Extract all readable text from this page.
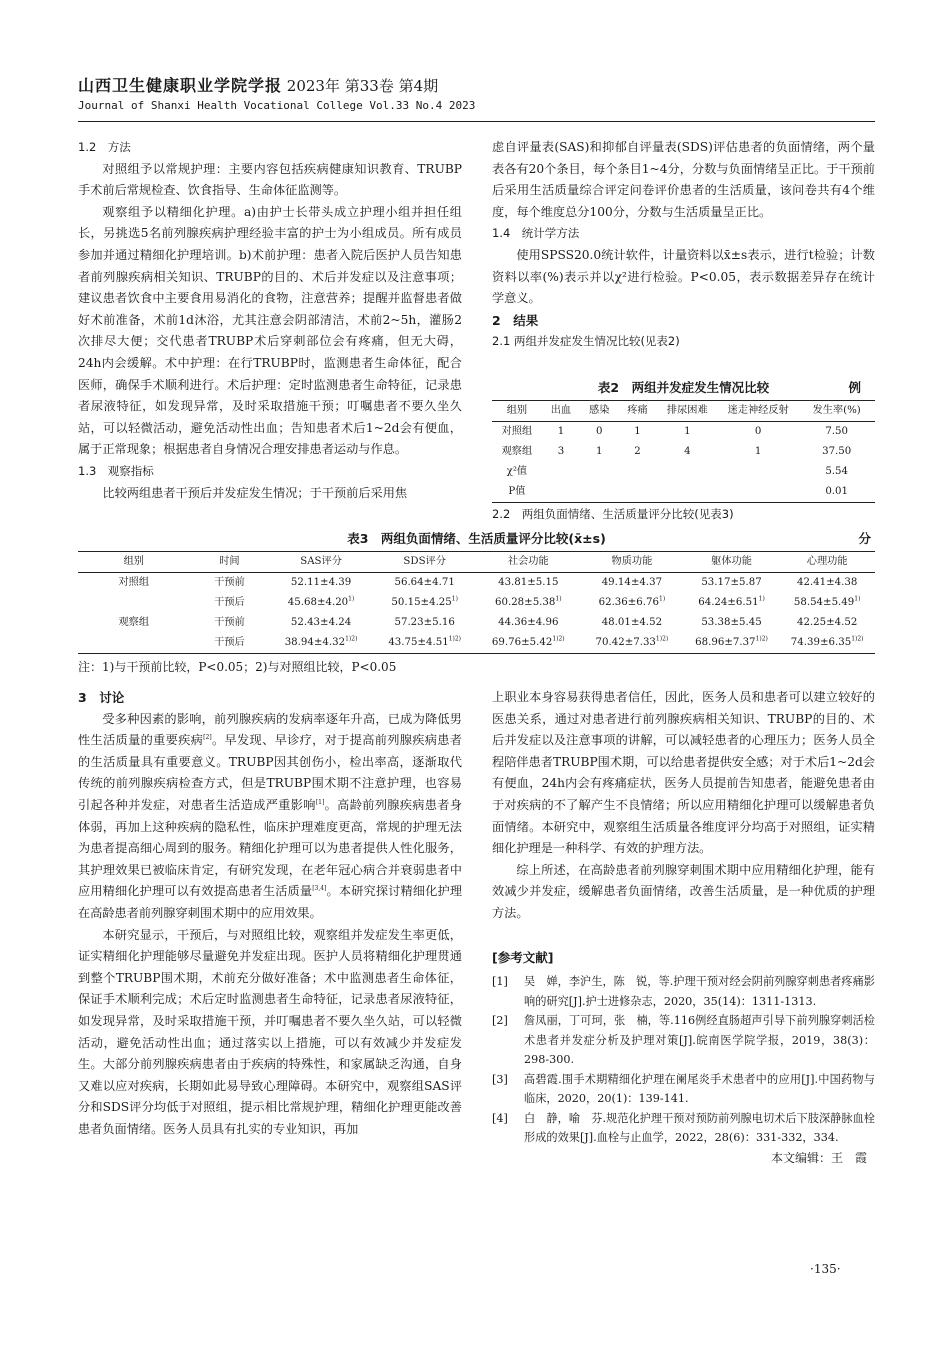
山西卫生健康职业学院学报 2023年 第33卷 第4期
Journal of Shanxi Health Vocational College Vol.33 No.4 2023

1.2　方法

对照组予以常规护理：主要内容包括疾病健康知识教育、TRUBP手术前后常规检查、饮食指导、生命体征监测等。

观察组予以精细化护理。a)由护士长带头成立护理小组并担任组长，另挑选5名前列腺疾病护理经验丰富的护士为小组成员。所有成员参加并通过精细化护理培训。b)术前护理：患者入院后医护人员告知患者前列腺疾病相关知识、TRUBP的目的、术后并发症以及注意事项；建议患者饮食中主要食用易消化的食物，注意营养；提醒并监督患者做好术前准备，术前1d沐浴，尤其注意会阴部清洁，术前2~5h，灌肠2次排尽大便；交代患者TRUBP术后穿刺部位会有疼痛，但无大碍，24h内会缓解。术中护理：在行TRUBP时，监测患者生命体征，配合医师，确保手术顺利进行。术后护理：定时监测患者生命特征，记录患者尿液特征，如发现异常，及时采取措施干预；叮嘱患者不要久坐久站，可以轻微活动，避免活动性出血；告知患者术后1~2d会有便血，属于正常现象；根据患者自身情况合理安排患者运动与作息。

1.3　观察指标

比较两组患者干预后并发症发生情况；于干预前后采用焦

虑自评量表(SAS)和抑郁自评量表(SDS)评估患者的负面情绪，两个量表各有20个条目，每个条目1~4分，分数与负面情绪呈正比。于干预前后采用生活质量综合评定问卷评价患者的生活质量，该问卷共有4个维度，每个维度总分100分，分数与生活质量呈正比。

1.4　统计学方法

使用SPSS20.0统计软件，计量资料以x̄±s表示，进行t检验；计数资料以率(%)表示并以χ²进行检验。P<0.05，表示数据差异存在统计学意义。

2　结果

2.1 两组并发症发生情况比较(见表2)

表2　两组并发症发生情况比较	例
组别	出血	感染	疼痛	排尿困难	迷走神经反射	发生率(%)
对照组	1	0	1	1	0	7.50
观察组	3	1	2	4	1	37.50
χ²值						5.54
P值						0.01

2.2　两组负面情绪、生活质量评分比较(见表3)

表3　两组负面情绪、生活质量评分比较(x̄±s)	分
组别	时间	SAS评分	SDS评分	社会功能	物质功能	躯体功能	心理功能
对照组	干预前	52.11±4.39	56.64±4.71	43.81±5.15	49.14±4.37	53.17±5.87	42.41±4.38
	干预后	$45.68\pm 4.20^{1)}$	$50.15\pm 4.25^{1)}$	$60.28\pm 5.38^{1)}$	$62.36\pm 6.76^{1)}$	$64.24\pm 6.51^{1)}$	$58.54\pm 5.49^{1)}$
观察组	干预前	52.43±4.24	57.23±5.16	44.36±4.96	48.01±4.52	53.38±5.45	42.25±4.52
	干预后	$38.94\pm 4.32^{1)2)}$	$43.75\pm 4.51^{1)2)}$	$69.76\pm 5.42^{1)2)}$	$70.42\pm 7.33^{1)2)}$	$68.96\pm 7.37^{1)2)}$	$74.39\pm 6.35^{1)2)}$
注：1)与干预前比较，P<0.05；2)与对照组比较，P<0.05

3　讨论

受多种因素的影响，前列腺疾病的发病率逐年升高，已成为降低男性生活质量的重要疾病[2]。早发现、早诊疗，对于提高前列腺疾病患者的生活质量具有重要意义。TRUBP因其创伤小，检出率高，逐渐取代传统的前列腺疾病检查方式，但是TRUBP围术期不注意护理，也容易引起各种并发症，对患者生活造成严重影响[1]。高龄前列腺疾病患者身体弱，再加上这种疾病的隐私性，临床护理难度更高，常规的护理无法为患者提高细心周到的服务。精细化护理可以为患者提供人性化服务，其护理效果已被临床肯定，有研究发现，在老年冠心病合并衰弱患者中应用精细化护理可以有效提高患者生活质量[3,4]。本研究探讨精细化护理在高龄患者前列腺穿刺围术期中的应用效果。

本研究显示，干预后，与对照组比较，观察组并发症发生率更低，证实精细化护理能够尽量避免并发症出现。医护人员将精细化护理贯通到整个TRUBP围术期，术前充分做好准备；术中监测患者生命体征，保证手术顺利完成；术后定时监测患者生命特征，记录患者尿液特征，如发现异常，及时采取措施干预，并叮嘱患者不要久坐久站，可以轻微活动，避免活动性出血；通过落实以上措施，可以有效减少并发症发生。大部分前列腺疾病患者由于疾病的特殊性，和家属缺乏沟通，自身又难以应对疾病，长期如此易导致心理障碍。本研究中，观察组SAS评分和SDS评分均低于对照组，提示相比常规护理，精细化护理更能改善患者负面情绪。医务人员具有扎实的专业知识，再加

上职业本身容易获得患者信任，因此，医务人员和患者可以建立较好的医患关系，通过对患者进行前列腺疾病相关知识、TRUBP的目的、术后并发症以及注意事项的讲解，可以减轻患者的心理压力；医务人员全程陪伴患者TRUBP围术期，可以给患者提供安全感；对于术后1~2d会有便血，24h内会有疼痛症状，医务人员提前告知患者，能避免患者由于对疾病的不了解产生不良情绪；所以应用精细化护理可以缓解患者负面情绪。本研究中，观察组生活质量各维度评分均高于对照组，证实精细化护理是一种科学、有效的护理方法。

综上所述，在高龄患者前列腺穿刺围术期中应用精细化护理，能有效减少并发症，缓解患者负面情绪，改善生活质量，是一种优质的护理方法。

[参考文献]

[1]	吴　婵，李沪生，陈　锐，等.护理干预对经会阴前列腺穿刺患者疼痛影响的研究[J].护士进修杂志，2020，35(14)：1311-1313.
[2]	詹凤丽，丁可珂，张　楠，等.116例经直肠超声引导下前列腺穿刺活检术患者并发症分析及护理对策[J].皖南医学院学报，2019，38(3)：298-300.
[3]	高碧霞.围手术期精细化护理在阑尾炎手术患者中的应用[J].中国药物与临床，2020，20(1)：139-141.
[4]	白　静，喻　芬.规范化护理干预对预防前列腺电切术后下肢深静脉血栓形成的效果[J].血栓与止血学，2022，28(6)：331-332，334.
本文编辑：王　霞
·135·
